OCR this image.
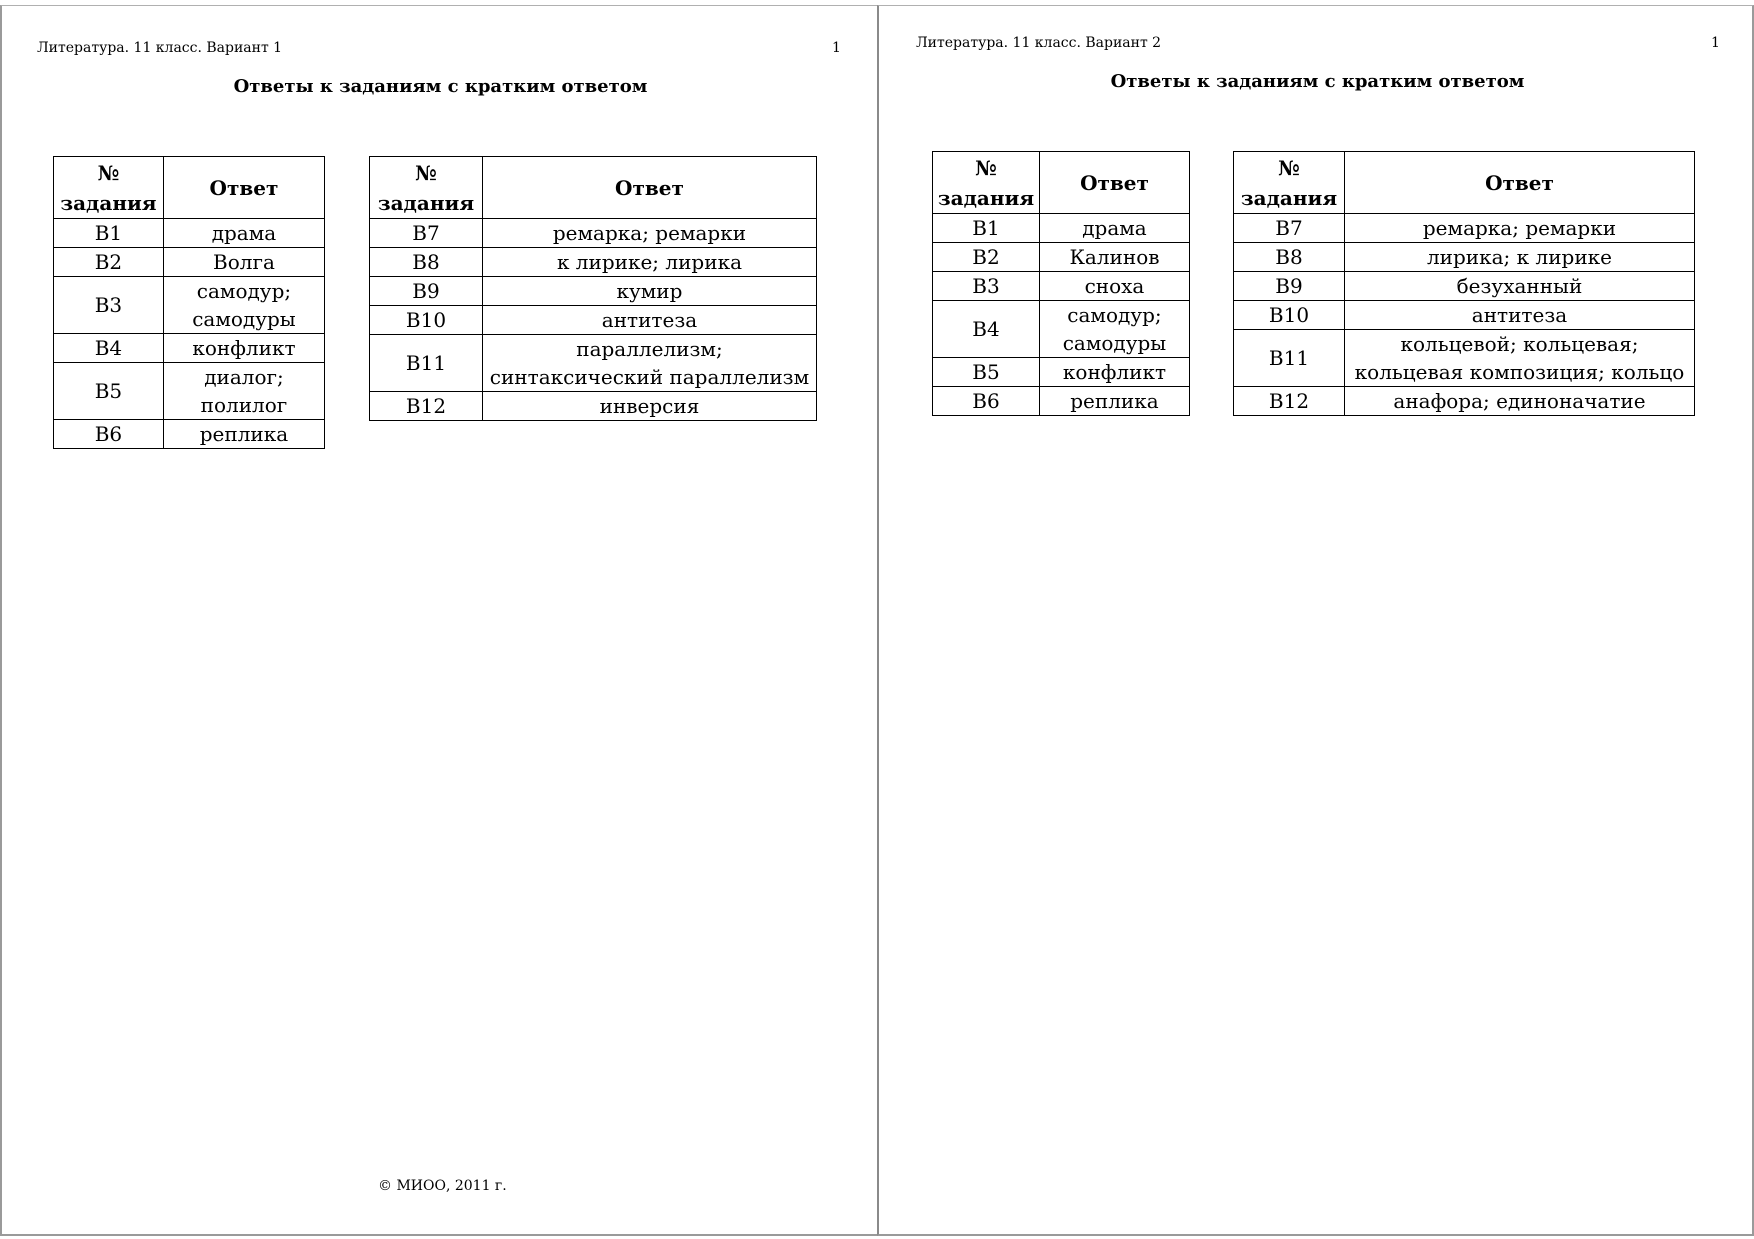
Литература. 11 класс. Вариант 1	1
Ответы к заданиям с кратким ответом
№
задания	Ответ
B1	драма
B2	Волга
B3	самодур; самодуры
B4	конфликт
B5	диалог; полилог
B6	реплика
№
задания	Ответ
B7	ремарка; ремарки
B8	к лирике; лирика
B9	кумир
B10	антитеза
B11	параллелизм; синтаксический параллелизм
B12	инверсия
© МИОО, 2011 г.
Литература. 11 класс. Вариант 2	1
Ответы к заданиям с кратким ответом
№
задания	Ответ
B1	драма
B2	Калинов
B3	сноха
B4	самодур; самодуры
B5	конфликт
B6	реплика
№
задания	Ответ
B7	ремарка; ремарки
B8	лирика; к лирике
B9	безуханный
B10	антитеза
B11	кольцевой; кольцевая; кольцевая композиция; кольцо
B12	анафора; единоначатие
